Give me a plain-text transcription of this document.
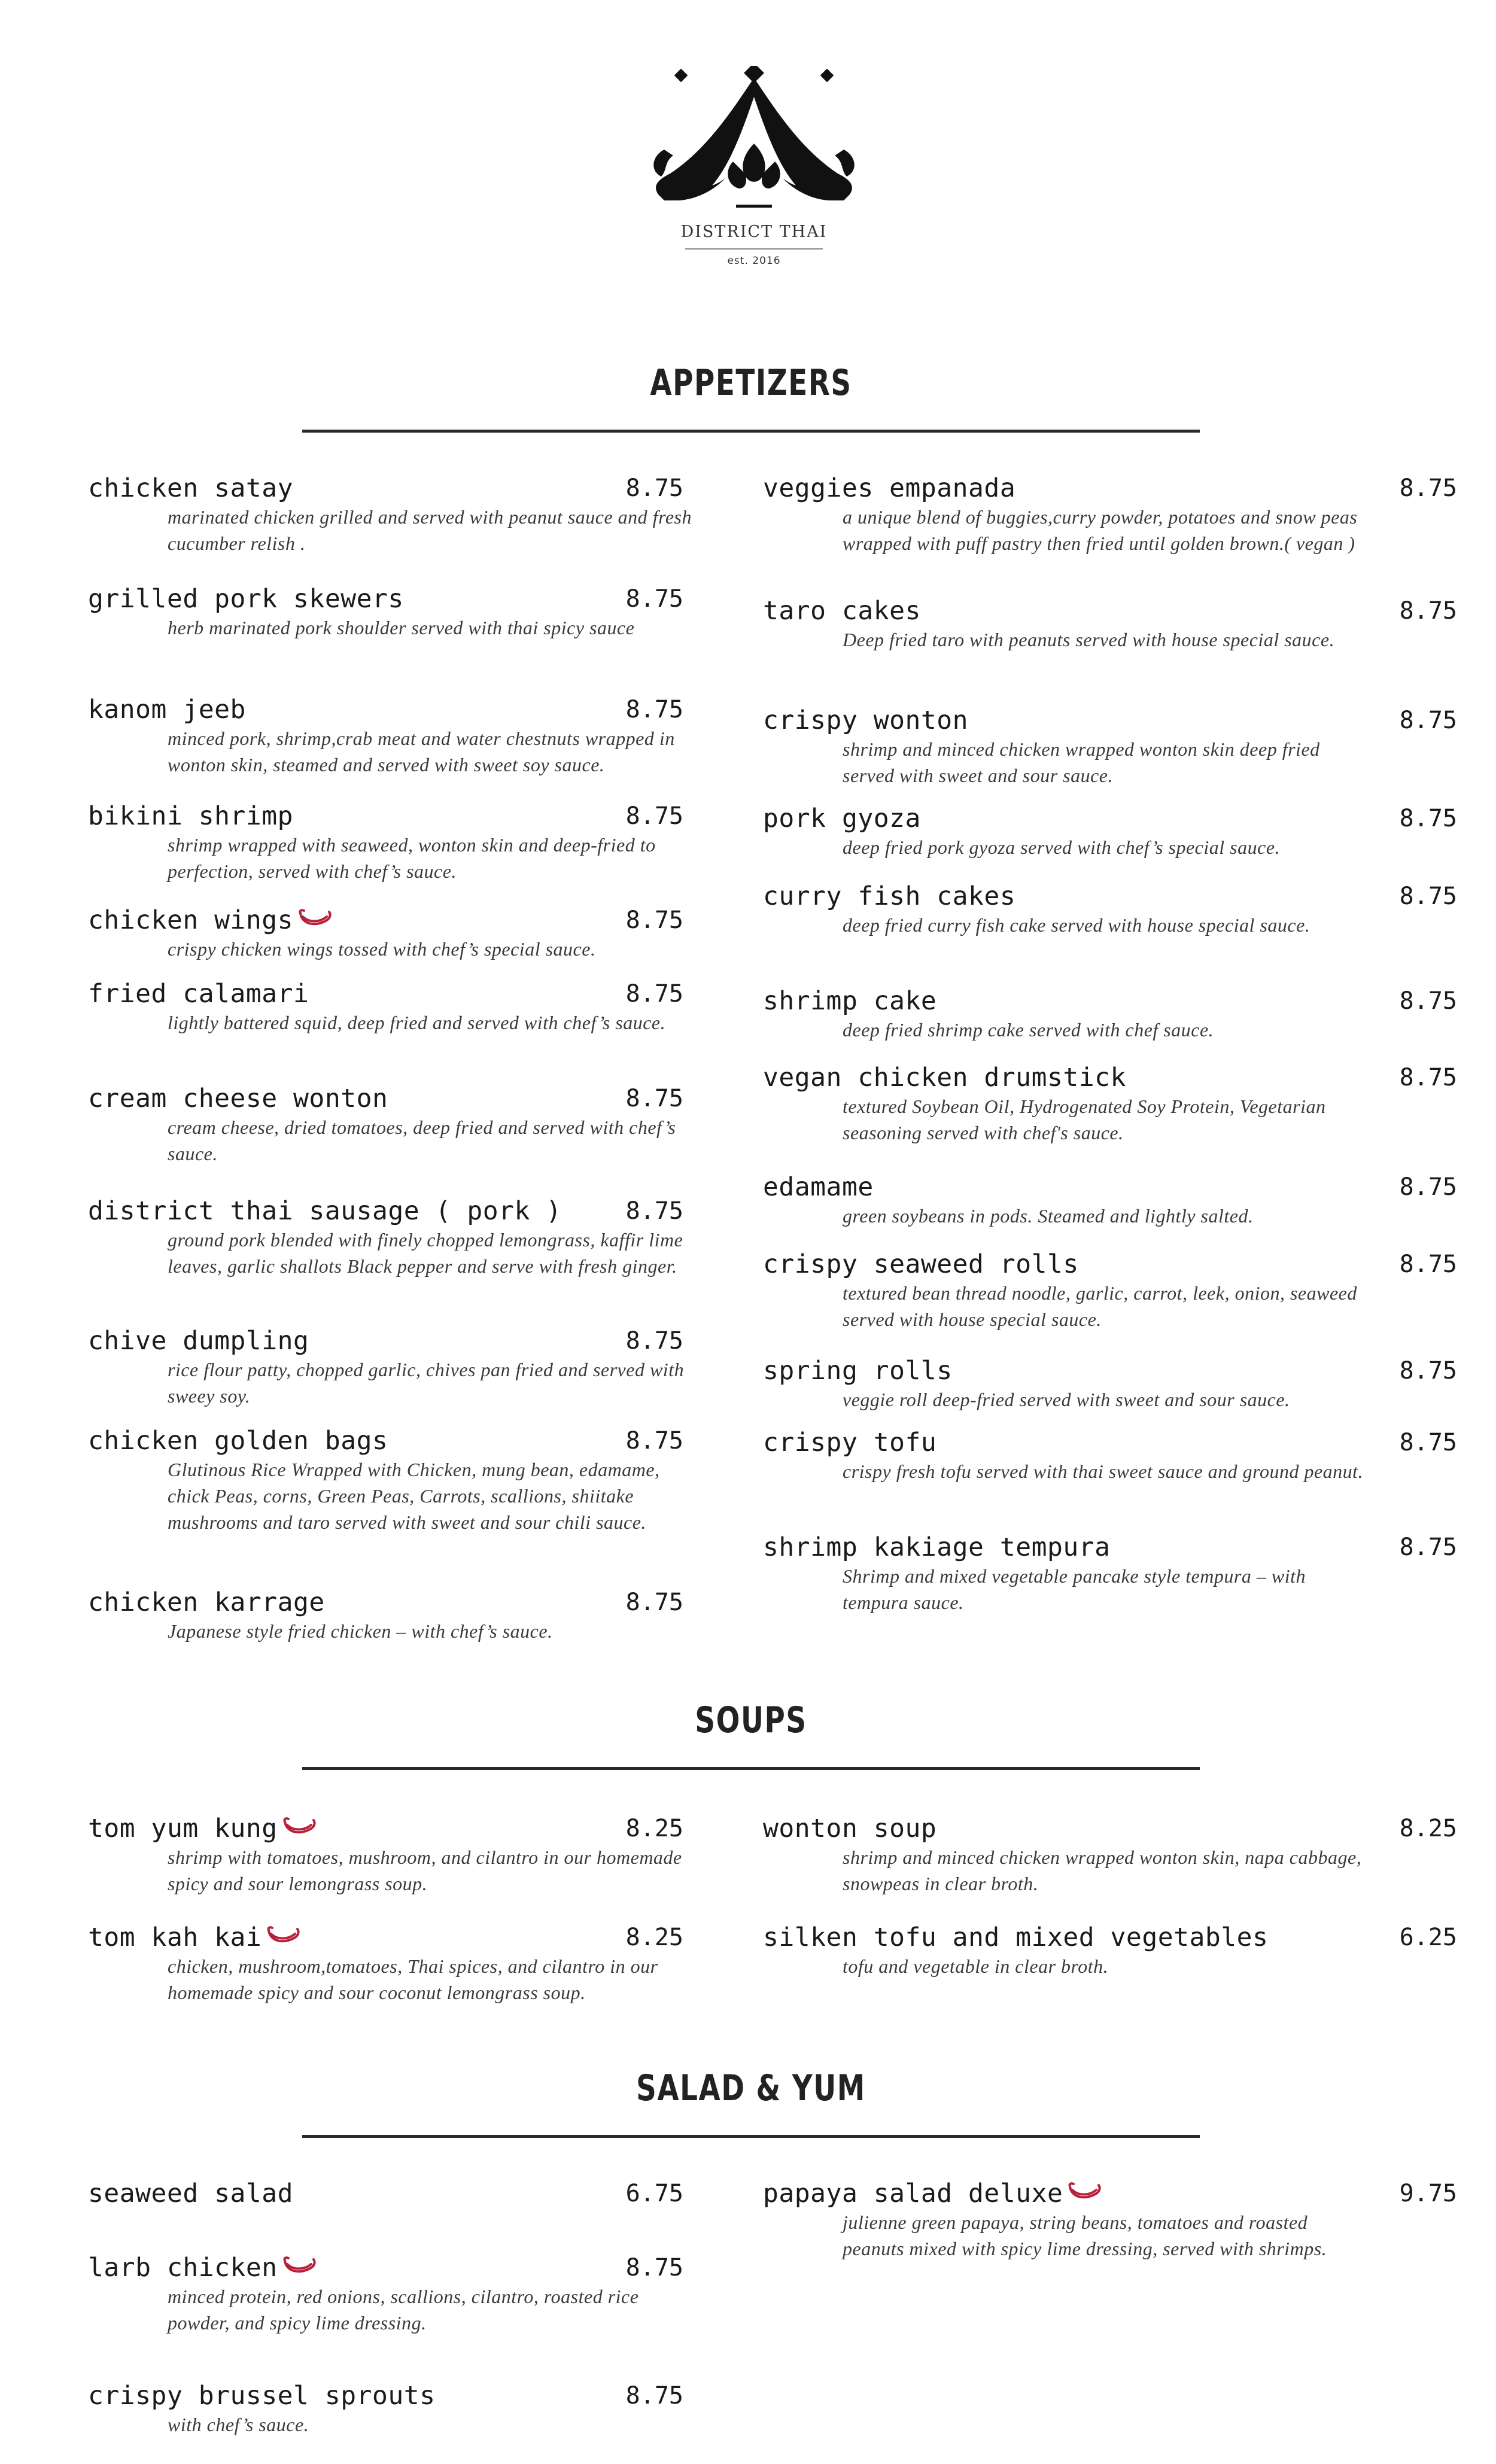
DISTRICT THAI
est. 2016
APPETIZERS
SOUPS
SALAD & YUM
chicken satay	8.75
marinated chicken grilled and served with peanut sauce and fresh cucumber relish .
grilled pork skewers	8.75
herb marinated pork shoulder served with thai spicy sauce
kanom jeeb	8.75
minced pork, shrimp,crab meat and water chestnuts wrapped in wonton skin, steamed and served with sweet soy sauce.
bikini shrimp	8.75
shrimp wrapped with seaweed, wonton skin and deep-fried to perfection, served with chef’s sauce.
chicken wings	8.75
crispy chicken wings tossed with chef’s special sauce.
fried calamari	8.75
lightly battered squid, deep fried and served with chef’s sauce.
cream cheese wonton	8.75
cream cheese, dried tomatoes, deep fried and served with chef’s sauce.
district thai sausage ( pork )	8.75
ground pork blended with finely chopped lemongrass, kaffir lime leaves, garlic shallots Black pepper and serve with fresh ginger.
chive dumpling	8.75
rice flour patty, chopped garlic, chives pan fried and served with sweey soy.
chicken golden bags	8.75
Glutinous Rice Wrapped with Chicken, mung bean, edamame, chick Peas, corns, Green Peas, Carrots, scallions, shiitake mushrooms and taro served with sweet and sour chili sauce.
chicken karrage	8.75
Japanese style fried chicken – with chef’s sauce.
veggies empanada	8.75
a unique blend of buggies,curry powder, potatoes and snow peas wrapped with puff pastry then fried until golden brown.( vegan )
taro cakes	8.75
Deep fried taro with peanuts served with house special sauce.
crispy wonton	8.75
shrimp and minced chicken wrapped wonton skin deep fried served with sweet and sour sauce.
pork gyoza	8.75
deep fried pork gyoza served with chef’s special sauce.
curry fish cakes	8.75
deep fried curry fish cake served with house special sauce.
shrimp cake	8.75
deep fried shrimp cake served with chef sauce.
vegan chicken drumstick	8.75
textured Soybean Oil, Hydrogenated Soy Protein, Vegetarian seasoning served with chef's sauce.
edamame	8.75
green soybeans in pods. Steamed and lightly salted.
crispy seaweed rolls	8.75
textured bean thread noodle, garlic, carrot, leek, onion, seaweed served with house special sauce.
spring rolls	8.75
veggie roll deep-fried served with sweet and sour sauce.
crispy tofu	8.75
crispy fresh tofu served with thai sweet sauce and ground peanut.
shrimp kakiage tempura	8.75
Shrimp and mixed vegetable pancake style tempura – with tempura sauce.
tom yum kung	8.25
shrimp with tomatoes, mushroom, and cilantro in our homemade spicy and sour lemongrass soup.
tom kah kai	8.25
chicken, mushroom,tomatoes, Thai spices, and cilantro in our homemade spicy and sour coconut lemongrass soup.
wonton soup	8.25
shrimp and minced chicken wrapped wonton skin, napa cabbage, snowpeas in clear broth.
silken tofu and mixed vegetables	6.25
tofu and vegetable in clear broth.
seaweed salad	6.75
larb chicken	8.75
minced protein, red onions, scallions, cilantro, roasted rice powder, and spicy lime dressing.
crispy brussel sprouts	8.75
with chef’s sauce.
papaya salad deluxe	9.75
julienne green papaya, string beans, tomatoes and roasted peanuts mixed with spicy lime dressing, served with shrimps.
